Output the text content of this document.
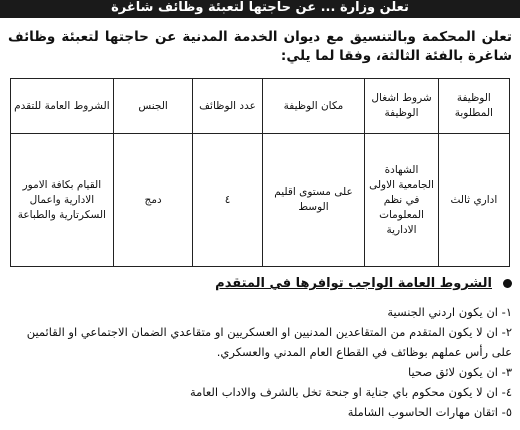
تعلن وزارة ... عن حاجتها لتعبئة وظائف شاغرة
تعلن المحكمة وبالتنسيق مع ديوان الخدمة المدنية عن حاجتها لتعبئة وظائف شاغرة بالفئة الثالثة، وفقا لما يلي:
الوظيفة المطلوبة	شروط اشغال الوظيفة	مكان الوظيفة	عدد الوظائف	الجنس	الشروط العامة للتقدم
اداري ثالث	الشهادة الجامعية الاولى في نظم المعلومات الادارية	على مستوى اقليم الوسط	٤	دمج	القيام بكافة الامور الادارية واعمال السكرتارية والطباعة
الشروط العامة الواجب توافرها في المتقدم
١- ان يكون اردني الجنسية
٢- ان لا يكون المتقدم من المتقاعدين المدنيين او العسكريين او متقاعدي الضمان الاجتماعي او القائمين على رأس عملهم بوظائف في القطاع العام المدني والعسكري.
٣- ان يكون لائق صحيا
٤- ان لا يكون محكوم باي جناية او جنحة تخل بالشرف والاداب العامة
٥- اتقان مهارات الحاسوب الشاملة
